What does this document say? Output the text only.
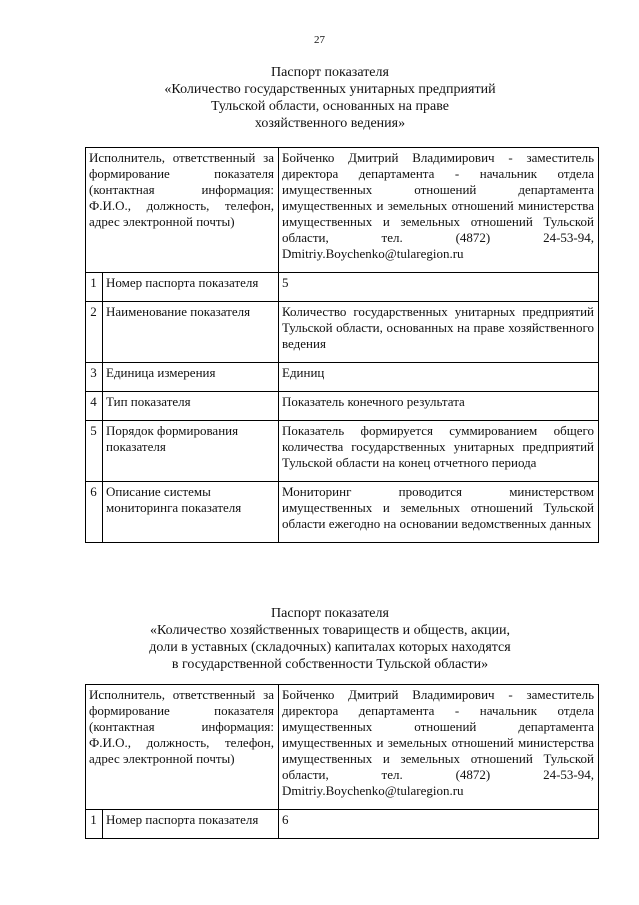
27
Паспорт показателя
«Количество государственных унитарных предприятий
Тульской области, основанных на праве
хозяйственного ведения»
Исполнитель, ответственный за формирование показателя (контактная информация: Ф.И.О., должность, телефон, адрес электронной почты)		Бойченко Дмитрий Владимирович - заместитель директора департамента - начальник отдела имущественных отношений департамента имущественных и земельных отношений министерства имущественных и земельных отношений Тульской области, тел. (4872) 24-53-94, Dmitriy.Boychenko@tularegion.ru
1	Номер паспорта показателя	5
2	Наименование показателя	Количество государственных унитарных предприятий Тульской области, основанных на праве хозяйственного ведения
3	Единица измерения	Единиц
4	Тип показателя	Показатель конечного результата
5	Порядок формирования показателя	Показатель формируется суммированием общего количества государственных унитарных предприятий Тульской области на конец отчетного периода
6	Описание системы мониторинга показателя	Мониторинг проводится министерством имущественных и земельных отношений Тульской области ежегодно на основании ведомственных данных
Паспорт показателя
«Количество хозяйственных товариществ и обществ, акции,
доли в уставных (складочных) капиталах которых находятся
в государственной собственности Тульской области»
Исполнитель, ответственный за формирование показателя (контактная информация: Ф.И.О., должность, телефон, адрес электронной почты)		Бойченко Дмитрий Владимирович - заместитель директора департамента - начальник отдела имущественных отношений департамента имущественных и земельных отношений министерства имущественных и земельных отношений Тульской области, тел. (4872) 24-53-94, Dmitriy.Boychenko@tularegion.ru
1	Номер паспорта показателя	6
